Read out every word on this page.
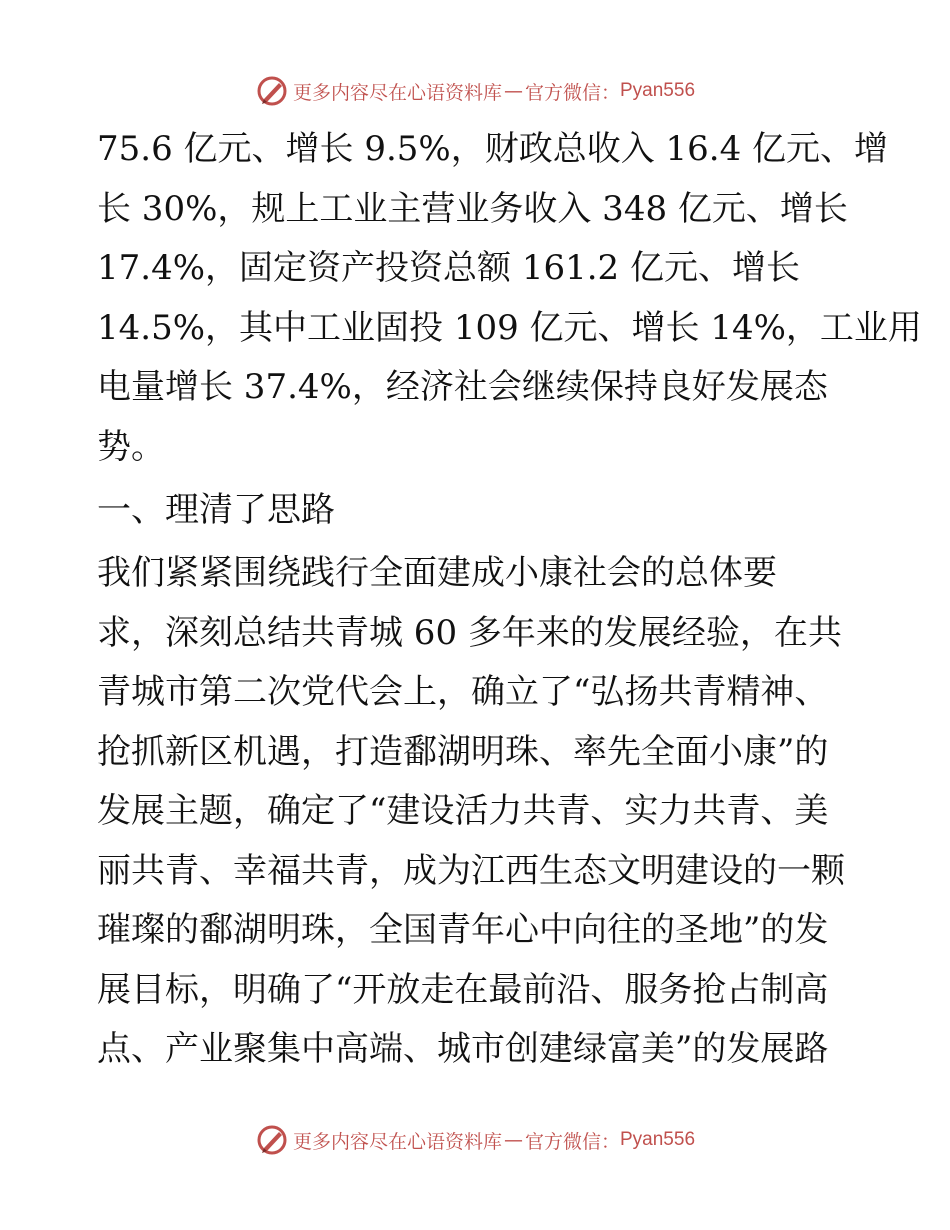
更多内容尽在心语资料库 — 官方微信： Pyan556
75.6 亿元、增长 9.5%，财政总收入 16.4 亿元、增
长 30%，规上工业主营业务收入 348 亿元、增长
17.4%，固定资产投资总额 161.2 亿元、增长
14.5%，其中工业固投 109 亿元、增长 14%，工业用
电量增长 37.4%，经济社会继续保持良好发展态
势。
一、理清了思路
我们紧紧围绕践行全面建成小康社会的总体要
求，深刻总结共青城 60 多年来的发展经验，在共
青城市第二次党代会上，确立了“弘扬共青精神、
抢抓新区机遇，打造鄱湖明珠、率先全面小康”的
发展主题，确定了“建设活力共青、实力共青、美
丽共青、幸福共青，成为江西生态文明建设的一颗
璀璨的鄱湖明珠，全国青年心中向往的圣地”的发
展目标，明确了“开放走在最前沿、服务抢占制高
点、产业聚集中高端、城市创建绿富美”的发展路
更多内容尽在心语资料库 — 官方微信： Pyan556
